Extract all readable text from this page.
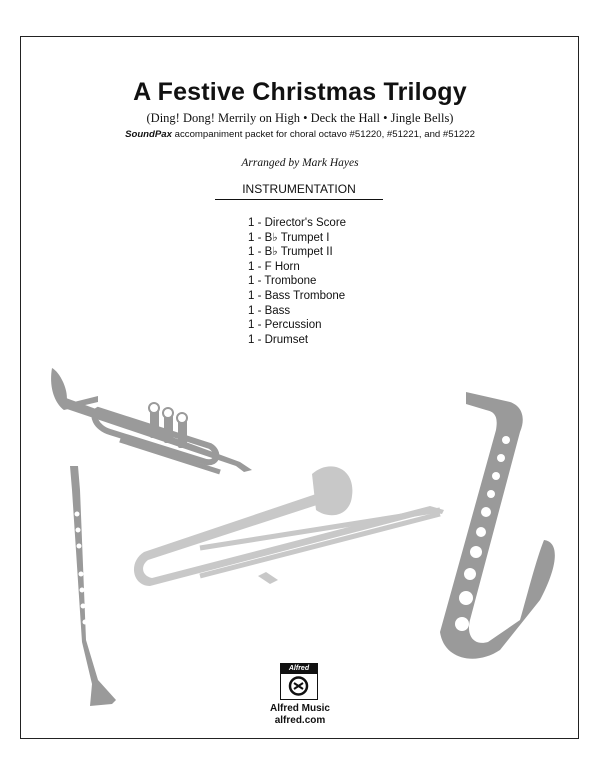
A Festive Christmas Trilogy
(Ding! Dong! Merrily on High • Deck the Hall • Jingle Bells)
SoundPax accompaniment packet for choral octavo #51220, #51221, and #51222
Arranged by Mark Hayes
INSTRUMENTATION
1 - Director's Score
1 - B♭ Trumpet I
1 - B♭ Trumpet II
1 - F Horn
1 - Trombone
1 - Bass Trombone
1 - Bass
1 - Percussion
1 - Drumset
Alfred
Alfred Music
alfred.com
